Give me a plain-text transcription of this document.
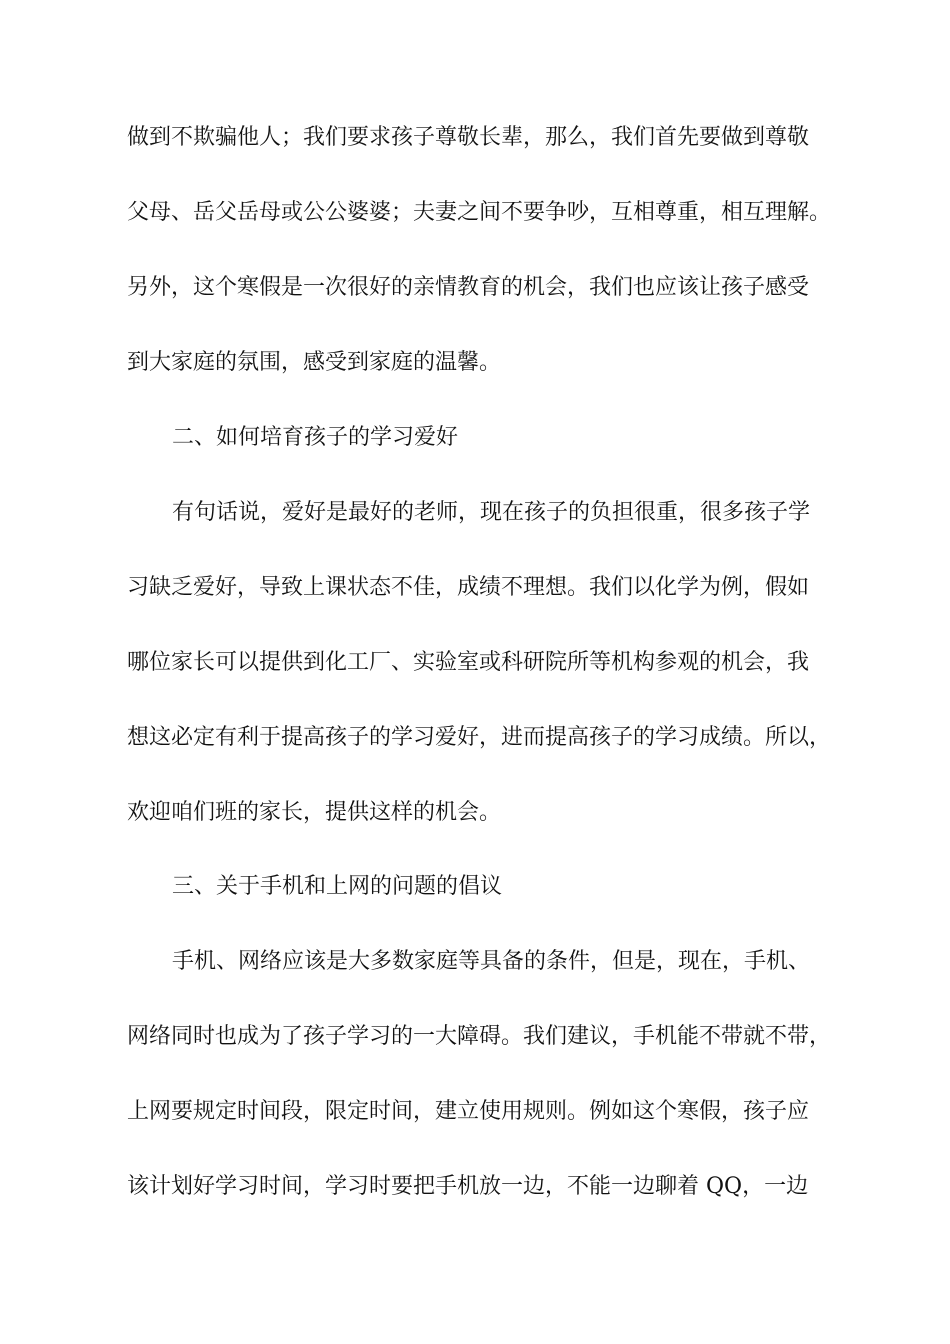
做到不欺骗他人；我们要求孩子尊敬长辈，那么，我们首先要做到尊敬
父母、岳父岳母或公公婆婆；夫妻之间不要争吵，互相尊重，相互理解。
另外，这个寒假是一次很好的亲情教育的机会，我们也应该让孩子感受
到大家庭的氛围，感受到家庭的温馨。
二、如何培育孩子的学习爱好
有句话说，爱好是最好的老师，现在孩子的负担很重，很多孩子学
习缺乏爱好，导致上课状态不佳，成绩不理想。我们以化学为例，假如
哪位家长可以提供到化工厂、实验室或科研院所等机构参观的机会，我
想这必定有利于提高孩子的学习爱好，进而提高孩子的学习成绩。所以，
欢迎咱们班的家长，提供这样的机会。
三、关于手机和上网的问题的倡议
手机、网络应该是大多数家庭等具备的条件，但是，现在，手机、
网络同时也成为了孩子学习的一大障碍。我们建议，手机能不带就不带，
上网要规定时间段，限定时间，建立使用规则。例如这个寒假，孩子应
该计划好学习时间，学习时要把手机放一边，不能一边聊着 QQ，一边
